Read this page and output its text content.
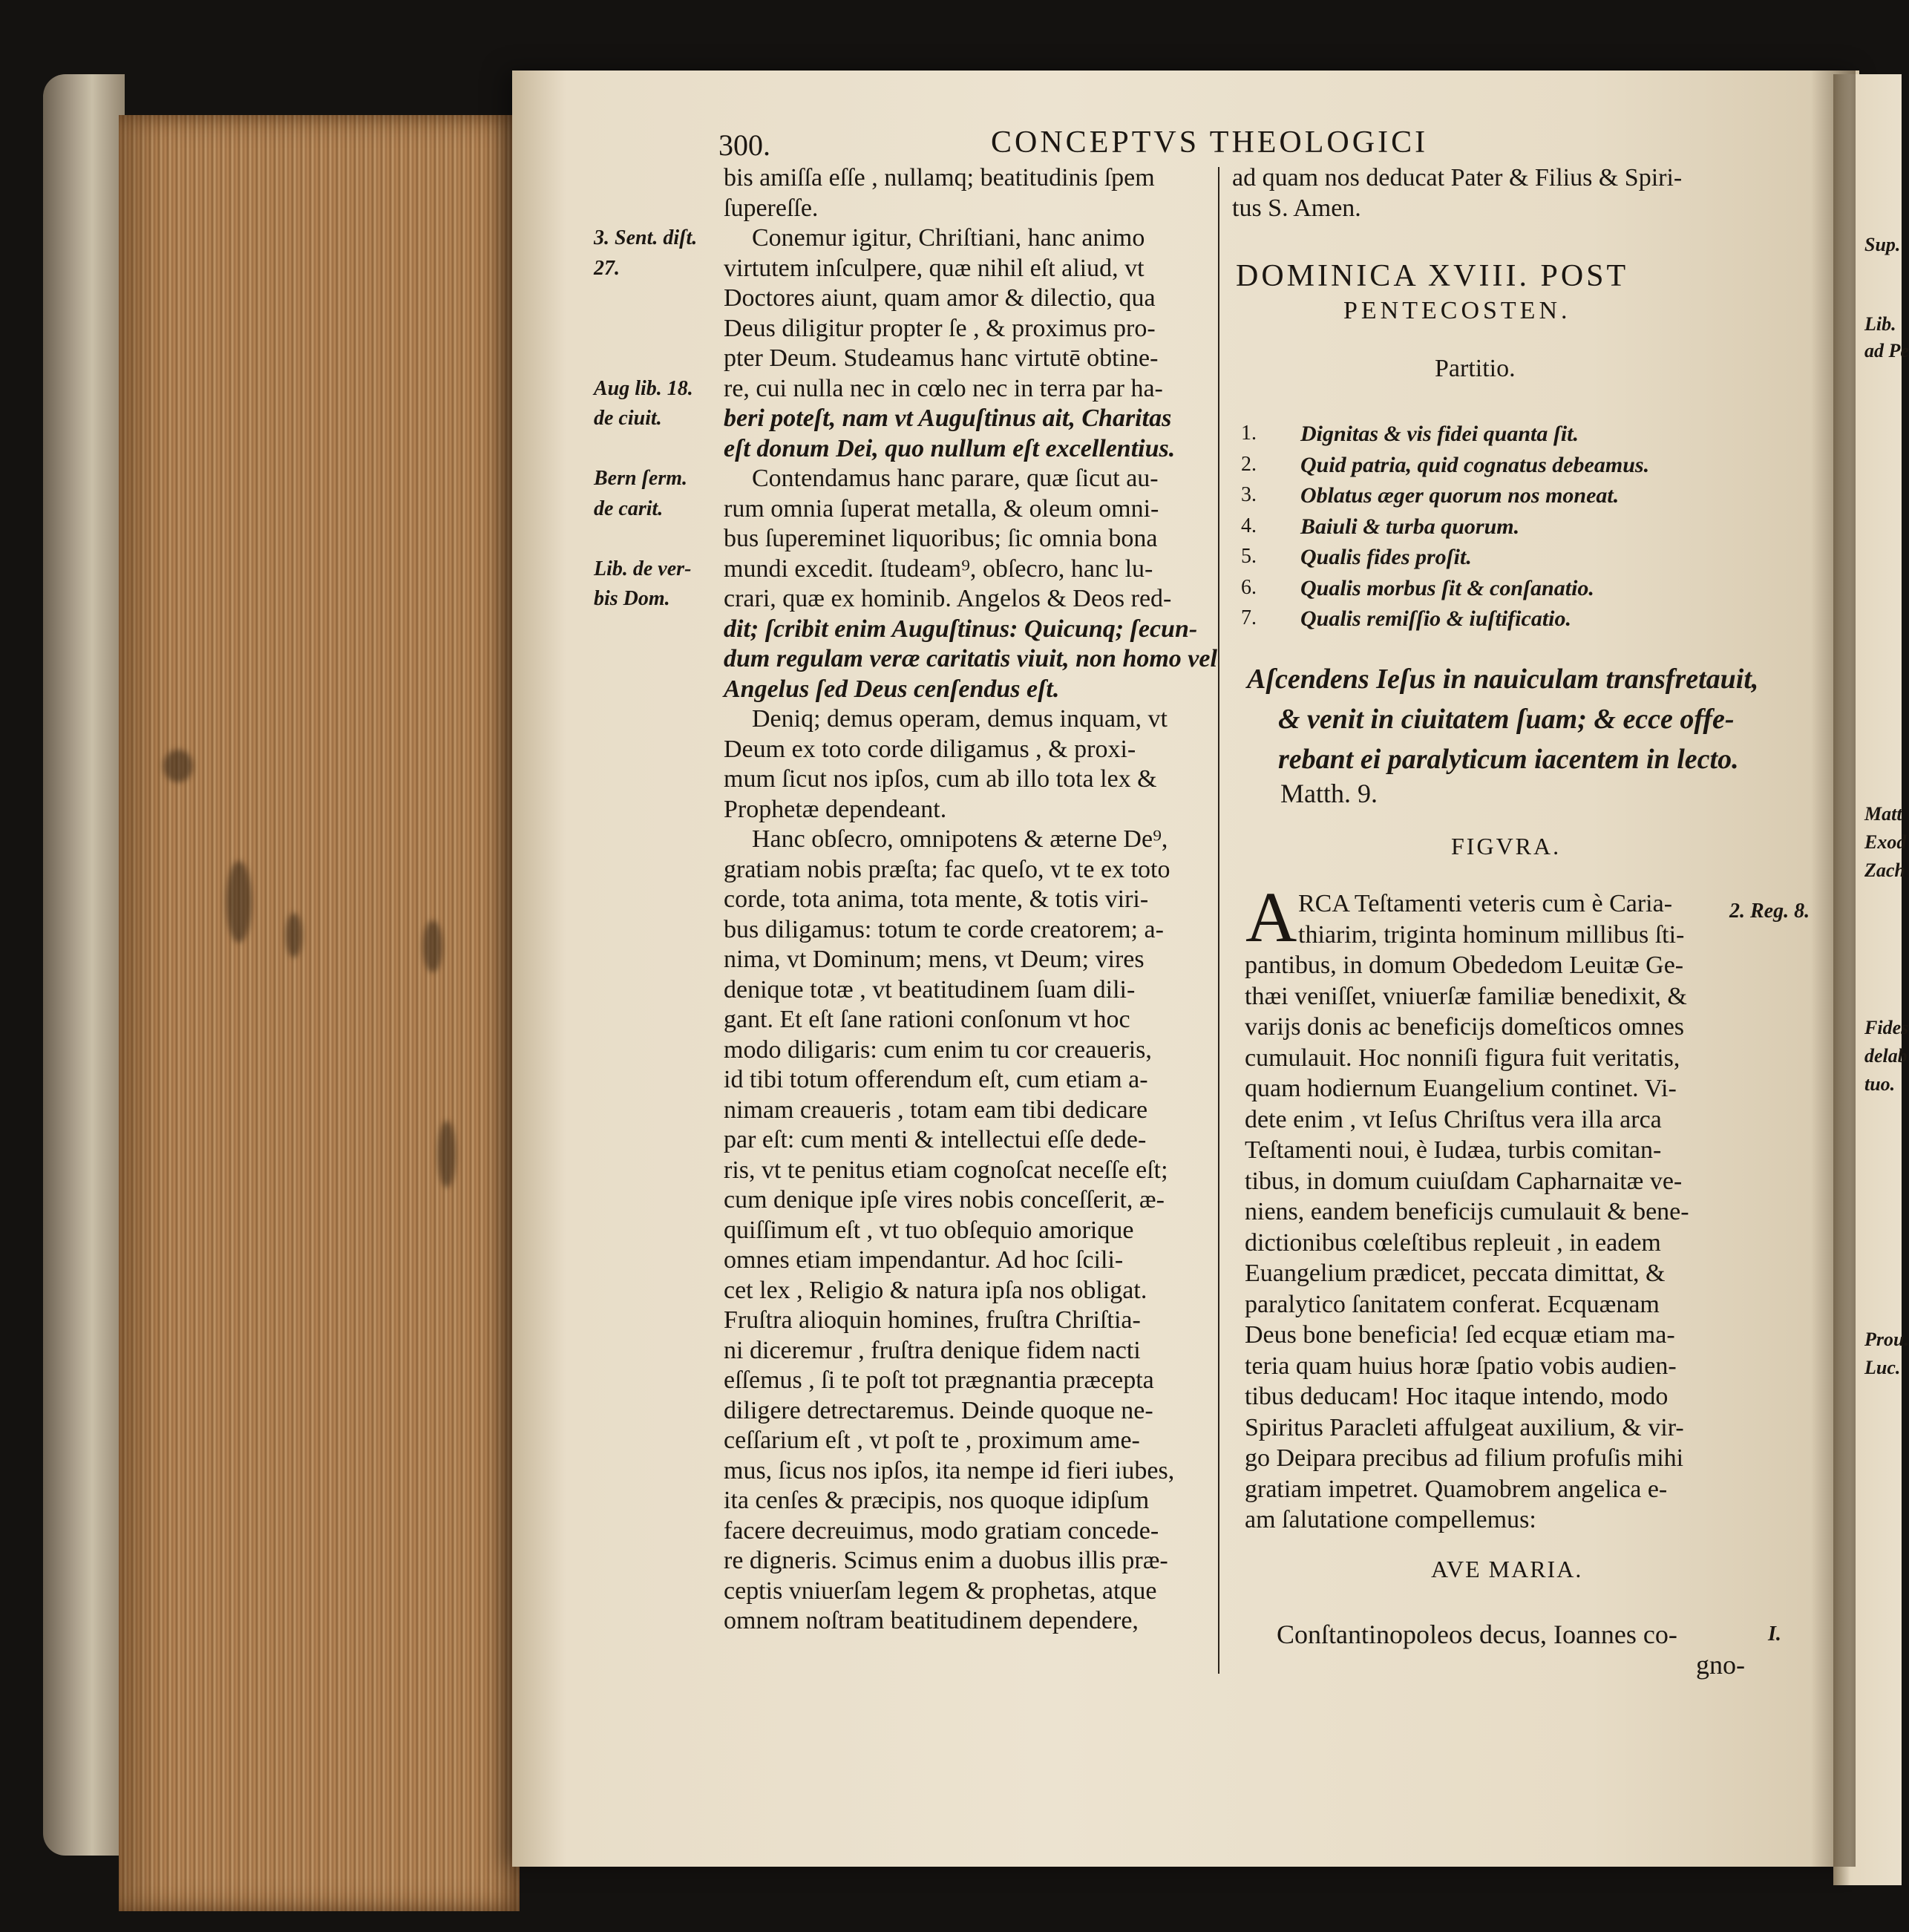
300.	CONCEPTVS THEOLOGICI
bis amiſſa eſſe , nullamq; beatitudinis ſpem
ſupereſſe.
Conemur igitur, Chriſtiani, hanc animo
virtutem inſculpere, quæ nihil eſt aliud, vt
Doctores aiunt, quam amor & dilectio, qua
Deus diligitur propter ſe , & proximus pro-
pter Deum. Studeamus hanc virtutē obtine-
re, cui nulla nec in cœlo nec in terra par ha-
beri poteſt, nam vt Auguſtinus ait, Charitas
eſt donum Dei, quo nullum eſt excellentius.
Contendamus hanc parare, quæ ſicut au-
rum omnia ſuperat metalla, & oleum omni-
bus ſupereminet liquoribus; ſic omnia bona
mundi excedit. ſtudeam⁹, obſecro, hanc lu-
crari, quæ ex hominib. Angelos & Deos red-
dit; ſcribit enim Auguſtinus: Quicunq; ſecun-
dum regulam veræ caritatis viuit, non homo vel
Angelus ſed Deus cenſendus eſt.
Deniq; demus operam, demus inquam, vt
Deum ex toto corde diligamus , & proxi-
mum ſicut nos ipſos, cum ab illo tota lex &
Prophetæ dependeant.
Hanc obſecro, omnipotens & æterne De⁹,
gratiam nobis præſta; fac queſo, vt te ex toto
corde, tota anima, tota mente, & totis viri-
bus diligamus: totum te corde creatorem; a-
nima, vt Dominum; mens, vt Deum; vires
denique totæ , vt beatitudinem ſuam dili-
gant. Et eſt ſane rationi conſonum vt hoc
modo diligaris: cum enim tu cor creaueris,
id tibi totum offerendum eſt, cum etiam a-
nimam creaueris , totam eam tibi dedicare
par eſt: cum menti & intellectui eſſe dede-
ris, vt te penitus etiam cognoſcat neceſſe eſt;
cum denique ipſe vires nobis conceſſerit, æ-
quiſſimum eſt , vt tuo obſequio amorique
omnes etiam impendantur. Ad hoc ſcili-
cet lex , Religio & natura ipſa nos obligat.
Fruſtra alioquin homines, fruſtra Chriſtia-
ni diceremur , fruſtra denique fidem nacti
eſſemus , ſi te poſt tot prægnantia præcepta
diligere detrectaremus. Deinde quoque ne-
ceſſarium eſt , vt poſt te , proximum ame-
mus, ſicus nos ipſos, ita nempe id fieri iubes,
ita cenſes & præcipis, nos quoque idipſum
facere decreuimus, modo gratiam concede-
re digneris. Scimus enim a duobus illis præ-
ceptis vniuerſam legem & prophetas, atque
omnem noſtram beatitudinem dependere,
3. Sent. diſt.
27.
Aug lib. 18.
de ciuit.
Bern ſerm.
de carit.
Lib. de ver-
bis Dom.
ad quam nos deducat Pater & Filius & Spiri-
tus S. Amen.
DOMINICA XVIII. POST
PENTECOSTEN.
Partitio.
1. Dignitas & vis fidei quanta ſit.
2. Quid patria, quid cognatus debeamus.
3. Oblatus æger quorum nos moneat.
4. Baiuli & turba quorum.
5. Qualis fides proſit.
6. Qualis morbus ſit & conſanatio.
7. Qualis remiſſio & iuſtificatio.
Aſcendens Ieſus in nauiculam transfretauit,
& venit in ciuitatem ſuam; & ecce offe-
rebant ei paralyticum iacentem in lecto.
Matth. 9.
FIGVRA.
A RCA Teſtamenti veteris cum è Caria-
thiarim, triginta hominum millibus ſti-
pantibus, in domum Obededom Leuitæ Ge-
thæi veniſſet, vniuerſæ familiæ benedixit, &
varijs donis ac beneficijs domeſticos omnes
cumulauit. Hoc nonniſi figura fuit veritatis,
quam hodiernum Euangelium continet. Vi-
dete enim , vt Ieſus Chriſtus vera illa arca
Teſtamenti noui, è Iudæa, turbis comitan-
tibus, in domum cuiuſdam Capharnaitæ ve-
niens, eandem beneficijs cumulauit & bene-
dictionibus cœleſtibus repleuit , in eadem
Euangelium prædicet, peccata dimittat, &
paralytico ſanitatem conferat. Ecquænam
Deus bone beneficia! ſed ecquæ etiam ma-
teria quam huius horæ ſpatio vobis audien-
tibus deducam! Hoc itaque intendo, modo
Spiritus Paracleti affulgeat auxilium, & vir-
go Deipara precibus ad filium profuſis mihi
gratiam impetret. Quamobrem angelica e-
am ſalutatione compellemus:
AVE MARIA.
Conſtantinopoleos decus, Ioannes co-
gno-
2. Reg. 8.
I.
Sup.
Lib.
ad Pe
Matt
Exod
Zach
Fides
delab
tuo.
Prou.
Luc.
